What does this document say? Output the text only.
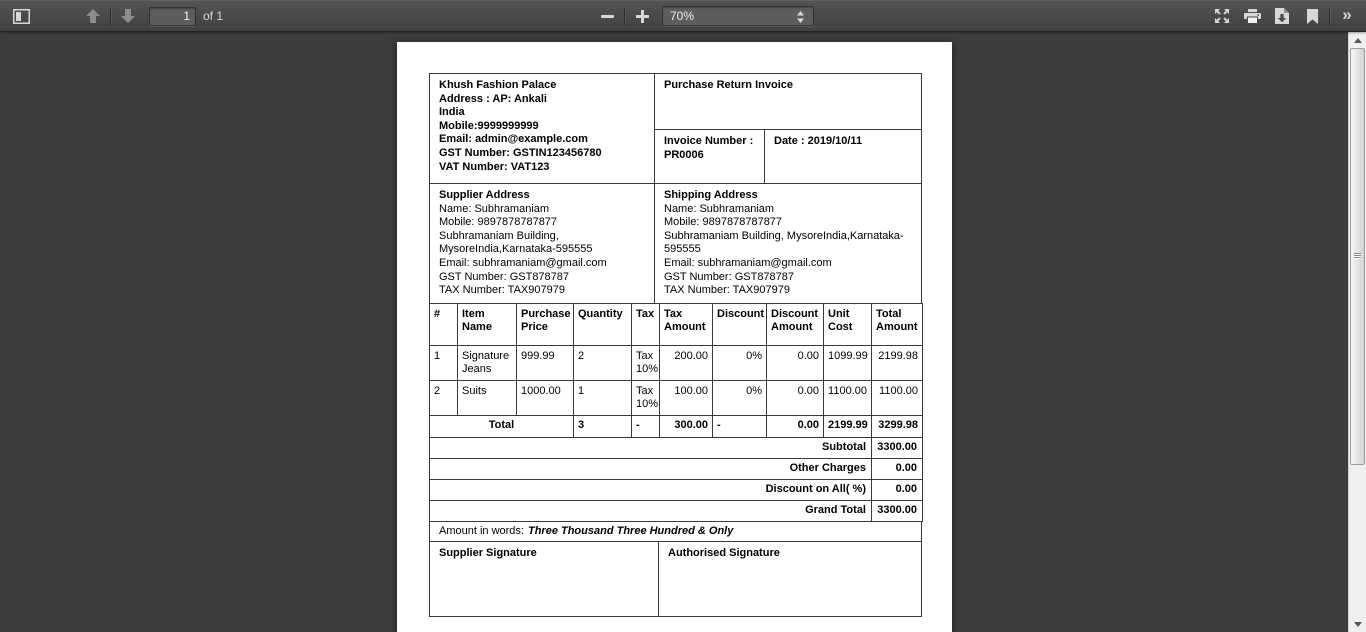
1
of 1	70%	»
Khush Fashion Palace
Address : AP: Ankali
India
Mobile:9999999999
Email: admin@example.com
GST Number: GSTIN123456780
VAT Number: VAT123
Purchase Return Invoice
Invoice Number : PR0006
Date : 2019/10/11
Supplier Address
Name: Subhramaniam
Mobile: 9897878787877
Subhramaniam Building, MysoreIndia,Karnataka-595555
Email: subhramaniam@gmail.com
GST Number: GST878787
TAX Number: TAX907979
Shipping Address
Name: Subhramaniam
Mobile: 9897878787877
Subhramaniam Building, MysoreIndia,Karnataka-595555
Email: subhramaniam@gmail.com
GST Number: GST878787
TAX Number: TAX907979
#	Item Name	Purchase Price	Quantity	Tax	Tax Amount	Discount	Discount Amount	Unit Cost	Total Amount
1	Signature Jeans	999.99	2	Tax 10%	200.00	0%	0.00	1099.99	2199.98
2	Suits	1000.00	1	Tax 10%	100.00	0%	0.00	1100.00	1100.00
Total			3	-	300.00	-	0.00	2199.99	3299.98
Subtotal									3300.00
Other Charges									0.00
Discount on All( %)									0.00
Grand Total									3300.00
Amount in words: Three Thousand Three Hundred & Only
Supplier Signature	Authorised Signature
